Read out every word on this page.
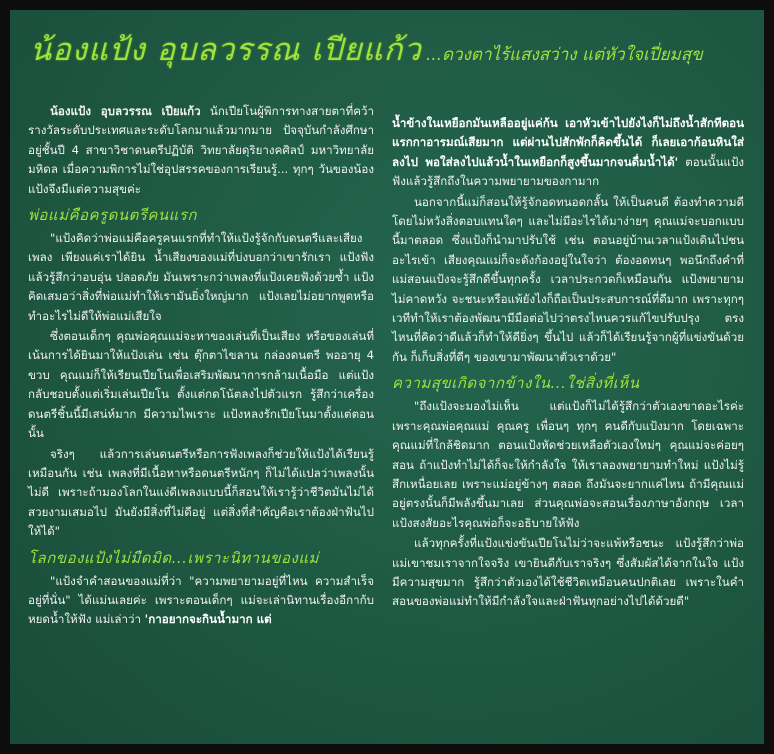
น้องแป้ง อุบลวรรณ เปียแก้ว ...ดวงตาไร้แสงสว่าง แต่หัวใจเปี่ยมสุข

น้องแป้ง อุบลวรรณ เปียแก้ว นักเปียโนผู้พิการทางสายตาที่คว้ารางวัลระดับประเทศและระดับโลกมาแล้วมากมาย ปัจจุบันกำลังศึกษาอยู่ชั้นปี 4 สาขาวิชาดนตรีปฏิบัติ วิทยาลัยดุริยางคศิลป์ มหาวิทยาลัยมหิดล เมื่อความพิการไม่ใช่อุปสรรคของการเรียนรู้... ทุกๆ วันของน้องแป้งจึงมีแต่ความสุขค่ะ

พ่อแม่คือครูดนตรีคนแรก

"แป้งคิดว่าพ่อแม่คือครูคนแรกที่ทำให้แป้งรู้จักกับดนตรีและเสียงเพลง เพียงแค่เราได้ยิน น้ำเสียงของแม่ที่บ่งบอกว่าเขารักเรา แป้งฟังแล้วรู้สึกว่าอบอุ่น ปลอดภัย มันเพราะกว่าเพลงที่แป้งเคยฟังด้วยซ้ำ แป้งคิดเสมอว่าสิ่งที่พ่อแม่ทำให้เรามันยิ่งใหญ่มาก แป้งเลยไม่อยากพูดหรือทำอะไรไม่ดีให้พ่อแม่เสียใจ

ซึ่งตอนเด็กๆ คุณพ่อคุณแม่จะหาของเล่นที่เป็นเสียง หรือของเล่นที่เน้นการได้ยินมาให้แป้งเล่น เช่น ตุ๊กตาไขลาน กล่องดนตรี พออายุ 4 ขวบ คุณแม่ก็ให้เรียนเปียโนเพื่อเสริมพัฒนาการกล้ามเนื้อมือ แต่แป้งกลับชอบตั้งแต่เริ่มเล่นเปียโน ตั้งแต่กดโน้ตลงไปตัวแรก รู้สึกว่าเครื่องดนตรีชิ้นนี้มีเสน่ห์มาก มีความไพเราะ แป้งหลงรักเปียโนมาตั้งแต่ตอนนั้น

จริงๆ แล้วการเล่นดนตรีหรือการฟังเพลงก็ช่วยให้แป้งได้เรียนรู้เหมือนกัน เช่น เพลงที่มีเนื้อหาหรือดนตรีหนักๆ ก็ไม่ได้แปลว่าเพลงนั้นไม่ดี เพราะถ้ามองโลกในแง่ดีเพลงแบบนี้ก็สอนให้เรารู้ว่าชีวิตมันไม่ได้สวยงามเสมอไป มันยังมีสิ่งที่ไม่ดีอยู่ แต่สิ่งที่สำคัญคือเราต้องฝ่าฟันไปให้ได้"

โลกของแป้งไม่มืดมิด...เพราะนิทานของแม่

"แป้งจำคำสอนของแม่ที่ว่า "ความพยายามอยู่ที่ไหน ความสำเร็จอยู่ที่นั่น" ได้แม่นเลยค่ะ เพราะตอนเด็กๆ แม่จะเล่านิทานเรื่องอีกาก้บหยดน้ำให้ฟัง แม่เล่าว่า 'กาอยากจะกินน้ำมาก แต่

น้ำข้างในเหยือกมันเหลืออยู่แค่ก้น เอาหัวเข้าไปยังไงก็ไม่ถึงน้ำสักทีตอนแรกกาอารมณ์เสียมาก แต่ผ่านไปสักพักก็คิดขึ้นได้ ก็เลยเอาก้อนหินใส่ลงไป พอใส่ลงไปแล้วน้ำในเหยือกก็สูงขึ้นมากจนดื่มน้ำได้' ตอนนั้นแป้งฟังแล้วรู้สึกถึงในความพยายามของกามาก

นอกจากนี้แม่ก็สอนให้รู้จักอดทนอดกลั้น ให้เป็นคนดี ต้องทำความดีโดยไม่หวังสิ่งตอบแทนใดๆ และไม่มีอะไรได้มาง่ายๆ คุณแม่จะบอกแบบนี้มาตลอด ซึ่งแป้งก็นำมาปรับใช้ เช่น ตอนอยู่บ้านเวลาแป้งเดินไปชนอะไรเข้า เสียงคุณแม่ก็จะดังก้องอยู่ในใจว่า ต้องอดทนๆ พอนึกถึงคำที่แม่สอนแป้งจะรู้สึกดีขึ้นทุกครั้ง เวลาประกวดก็เหมือนกัน แป้งพยายามไม่คาดหวัง จะชนะหรือแพ้ยังไงก็ถือเป็นประสบการณ์ที่ดีมาก เพราะทุกๆ เวทีทำให้เราต้องพัฒนามีมือต่อไปว่าตรงไหนควรแก้ไขปรับปรุง ตรงไหนที่คิดว่าดีแล้วก็ทำให้ดียิ่งๆ ขึ้นไป แล้วก็ได้เรียนรู้จากผู้ที่แข่งขันด้วยกัน ก็เก็บสิ่งที่ดีๆ ของเขามาพัฒนาตัวเราด้วย"

ความสุขเกิดจากข้างใน...ใช่สิ่งที่เห็น

"ถึงแป้งจะมองไม่เห็น แต่แป้งก็ไม่ได้รู้สึกว่าตัวเองขาดอะไรค่ะ เพราะคุณพ่อคุณแม่ คุณครู เพื่อนๆ ทุกๆ คนดีกับแป้งมาก โดยเฉพาะคุณแม่ที่ใกล้ชิดมาก ตอนแป้งหัดช่วยเหลือตัวเองใหม่ๆ คุณแม่จะค่อยๆ สอน ถ้าแป้งทำไม่ได้ก็จะให้กำลังใจ ให้เราลองพยายามทำใหม่ แป้งไม่รู้สึกเหนื่อยเลย เพราะแม่อยู่ข้างๆ ตลอด ถึงมันจะยากแค่ไหน ถ้ามีคุณแม่อยู่ตรงนั้นก็มีพลังขึ้นมาเลย ส่วนคุณพ่อจะสอนเรื่องภาษาอังกฤษ เวลาแป้งสงสัยอะไรคุณพ่อก็จะอธิบายให้ฟัง

แล้วทุกครั้งที่แป้งแข่งขันเปียโนไม่ว่าจะแพ้หรือชนะ แป้งรู้สึกว่าพ่อแม่เขาชมเราจากใจจริง เขายินดีกับเราจริงๆ ซึ่งสัมผัสได้จากในใจ แป้งมีความสุขมาก รู้สึกว่าตัวเองได้ใช้ชีวิตเหมือนคนปกติเลย เพราะในคำสอนของพ่อแม่ทำให้มีกำลังใจและฝ่าฟันทุกอย่างไปได้ด้วยดี"
